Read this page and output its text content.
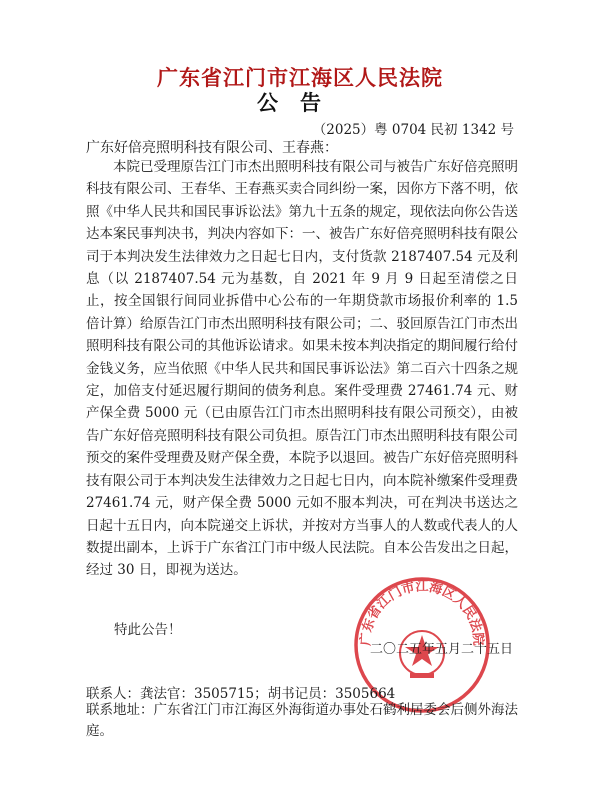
广东省江门市江海区人民法院
公告
（2025）粤 0704 民初 1342 号
广东好倍亮照明科技有限公司、王春燕：

本院已受理原告江门市杰出照明科技有限公司与被告广东好倍亮照明科技有限公司、王春华、王春燕买卖合同纠纷一案，因你方下落不明，依照《中华人民共和国民事诉讼法》第九十五条的规定，现依法向你公告送达本案民事判决书，判决内容如下：一、被告广东好倍亮照明科技有限公司于本判决发生法律效力之日起七日内，支付货款 2187407.54 元及利息（以 2187407.54 元为基数，自 2021 年 9 月 9 日起至清偿之日止，按全国银行间同业拆借中心公布的一年期贷款市场报价利率的 1.5 倍计算）给原告江门市杰出照明科技有限公司；二、驳回原告江门市杰出照明科技有限公司的其他诉讼请求。如果未按本判决指定的期间履行给付金钱义务，应当依照《中华人民共和国民事诉讼法》第二百六十四条之规定，加倍支付延迟履行期间的债务利息。案件受理费 27461.74 元、财产保全费 5000 元（已由原告江门市杰出照明科技有限公司预交），由被告广东好倍亮照明科技有限公司负担。原告江门市杰出照明科技有限公司预交的案件受理费及财产保全费，本院予以退回。被告广东好倍亮照明科技有限公司于本判决发生法律效力之日起七日内，向本院补缴案件受理费 27461.74 元，财产保全费 5000 元如不服本判决，可在判决书送达之日起十五日内，向本院递交上诉状，并按对方当事人的人数或代表人的人数提出副本，上诉于广东省江门市中级人民法院。自本公告发出之日起，经过 30 日，即视为送达。

特此公告！
广东省江门市江海区人民法院
二〇二五年五月二十五日
联系人：龚法官：3505715；胡书记员：3505664

联系地址：广东省江门市江海区外海街道办事处石鹤利居委会后侧外海法庭。
